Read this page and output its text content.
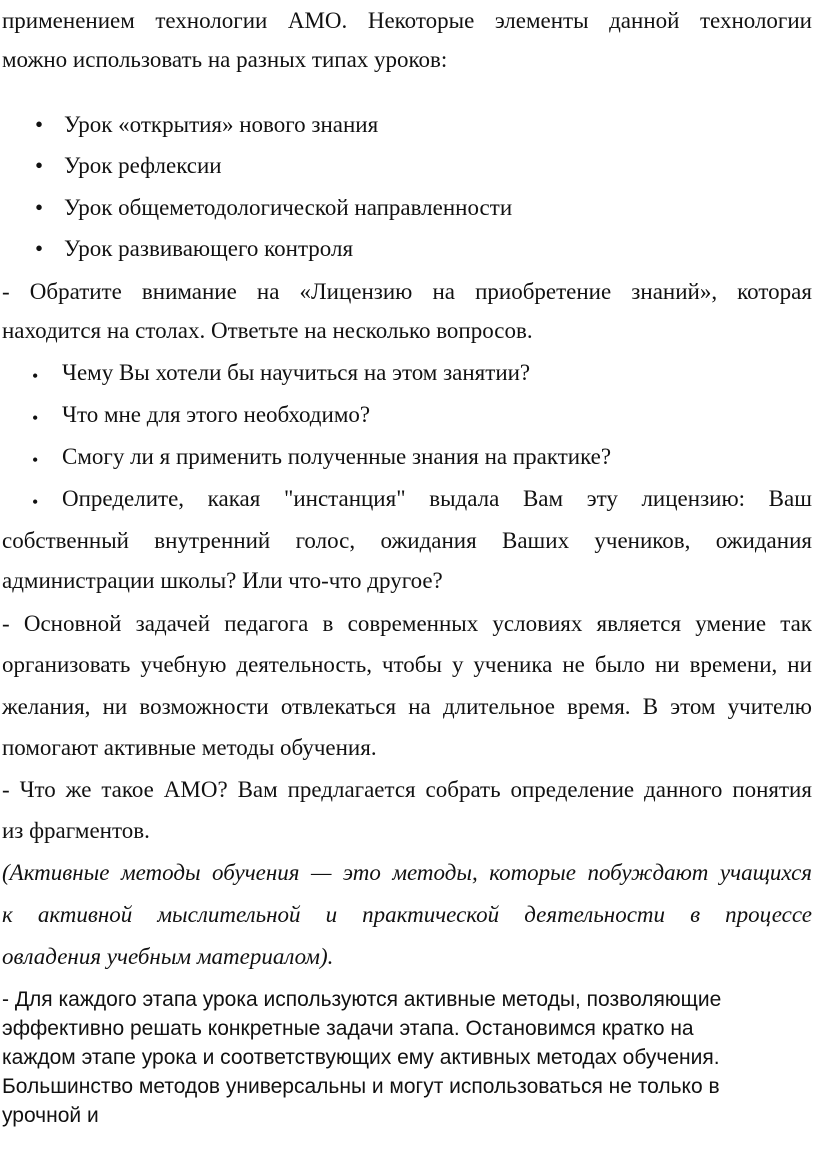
применением технологии АМО. Некоторые элементы данной технологии
можно использовать на разных типах уроков:
• Урок «открытия» нового знания
• Урок рефлексии
• Урок общеметодологической направленности
• Урок развивающего контроля
- Обратите внимание на «Лицензию на приобретение знаний», которая
находится на столах. Ответьте на несколько вопросов.
• Чему Вы хотели бы научиться на этом занятии?
• Что мне для этого необходимо?
• Смогу ли я применить полученные знания на практике?
• Определите, какая "инстанция" выдала Вам эту лицензию: Ваш
собственный внутренний голос, ожидания Ваших учеников, ожидания
администрации школы? Или что-что другое?
- Основной задачей педагога в современных условиях является умение так
организовать учебную деятельность, чтобы у ученика не было ни времени, ни
желания, ни возможности отвлекаться на длительное время. В этом учителю
помогают активные методы обучения.
- Что же такое АМО? Вам предлагается собрать определение данного понятия
из фрагментов.
(Активные методы обучения — это методы, которые побуждают учащихся
к активной мыслительной и практической деятельности в процессе
овладения учебным материалом).
- Для каждого этапа урока используются активные методы, позволяющие
эффективно решать конкретные задачи этапа. Остановимся кратко на
каждом этапе урока и соответствующих ему активных методах обучения.
Большинство методов универсальны и могут использоваться не только в
урочной и
